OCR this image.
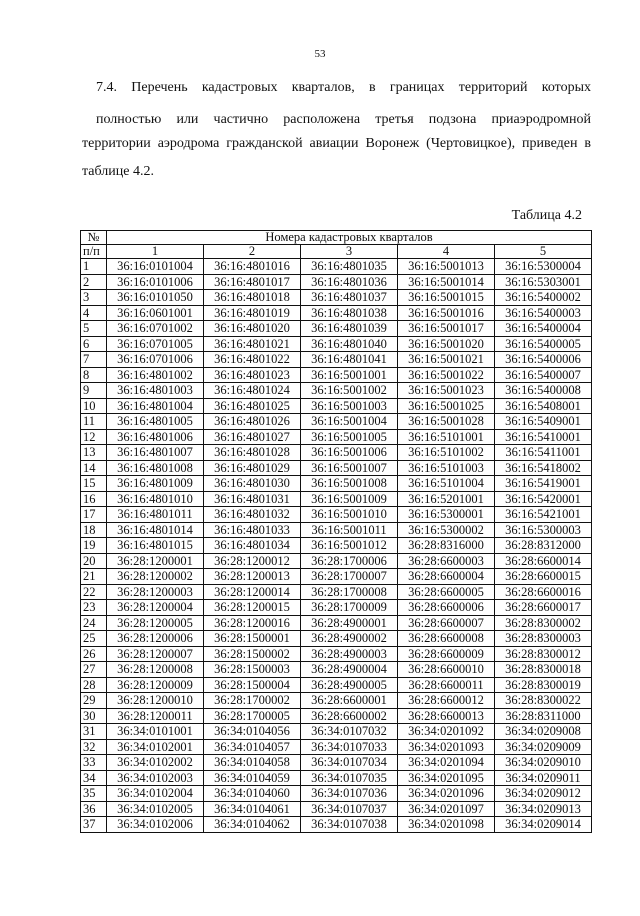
53
7.4. Перечень кадастровых кварталов, в границах территорий которых
полностью или частично расположена третья подзона приаэродромной
территории аэродрома гражданской авиации Воронеж (Чертовицкое), приведен в
таблице 4.2.
Таблица 4.2
№	Номера кадастровых кварталов				
п/п	1	2	3	4	5
1	36:16:0101004	36:16:4801016	36:16:4801035	36:16:5001013	36:16:5300004
2	36:16:0101006	36:16:4801017	36:16:4801036	36:16:5001014	36:16:5303001
3	36:16:0101050	36:16:4801018	36:16:4801037	36:16:5001015	36:16:5400002
4	36:16:0601001	36:16:4801019	36:16:4801038	36:16:5001016	36:16:5400003
5	36:16:0701002	36:16:4801020	36:16:4801039	36:16:5001017	36:16:5400004
6	36:16:0701005	36:16:4801021	36:16:4801040	36:16:5001020	36:16:5400005
7	36:16:0701006	36:16:4801022	36:16:4801041	36:16:5001021	36:16:5400006
8	36:16:4801002	36:16:4801023	36:16:5001001	36:16:5001022	36:16:5400007
9	36:16:4801003	36:16:4801024	36:16:5001002	36:16:5001023	36:16:5400008
10	36:16:4801004	36:16:4801025	36:16:5001003	36:16:5001025	36:16:5408001
11	36:16:4801005	36:16:4801026	36:16:5001004	36:16:5001028	36:16:5409001
12	36:16:4801006	36:16:4801027	36:16:5001005	36:16:5101001	36:16:5410001
13	36:16:4801007	36:16:4801028	36:16:5001006	36:16:5101002	36:16:5411001
14	36:16:4801008	36:16:4801029	36:16:5001007	36:16:5101003	36:16:5418002
15	36:16:4801009	36:16:4801030	36:16:5001008	36:16:5101004	36:16:5419001
16	36:16:4801010	36:16:4801031	36:16:5001009	36:16:5201001	36:16:5420001
17	36:16:4801011	36:16:4801032	36:16:5001010	36:16:5300001	36:16:5421001
18	36:16:4801014	36:16:4801033	36:16:5001011	36:16:5300002	36:16:5300003
19	36:16:4801015	36:16:4801034	36:16:5001012	36:28:8316000	36:28:8312000
20	36:28:1200001	36:28:1200012	36:28:1700006	36:28:6600003	36:28:6600014
21	36:28:1200002	36:28:1200013	36:28:1700007	36:28:6600004	36:28:6600015
22	36:28:1200003	36:28:1200014	36:28:1700008	36:28:6600005	36:28:6600016
23	36:28:1200004	36:28:1200015	36:28:1700009	36:28:6600006	36:28:6600017
24	36:28:1200005	36:28:1200016	36:28:4900001	36:28:6600007	36:28:8300002
25	36:28:1200006	36:28:1500001	36:28:4900002	36:28:6600008	36:28:8300003
26	36:28:1200007	36:28:1500002	36:28:4900003	36:28:6600009	36:28:8300012
27	36:28:1200008	36:28:1500003	36:28:4900004	36:28:6600010	36:28:8300018
28	36:28:1200009	36:28:1500004	36:28:4900005	36:28:6600011	36:28:8300019
29	36:28:1200010	36:28:1700002	36:28:6600001	36:28:6600012	36:28:8300022
30	36:28:1200011	36:28:1700005	36:28:6600002	36:28:6600013	36:28:8311000
31	36:34:0101001	36:34:0104056	36:34:0107032	36:34:0201092	36:34:0209008
32	36:34:0102001	36:34:0104057	36:34:0107033	36:34:0201093	36:34:0209009
33	36:34:0102002	36:34:0104058	36:34:0107034	36:34:0201094	36:34:0209010
34	36:34:0102003	36:34:0104059	36:34:0107035	36:34:0201095	36:34:0209011
35	36:34:0102004	36:34:0104060	36:34:0107036	36:34:0201096	36:34:0209012
36	36:34:0102005	36:34:0104061	36:34:0107037	36:34:0201097	36:34:0209013
37	36:34:0102006	36:34:0104062	36:34:0107038	36:34:0201098	36:34:0209014
